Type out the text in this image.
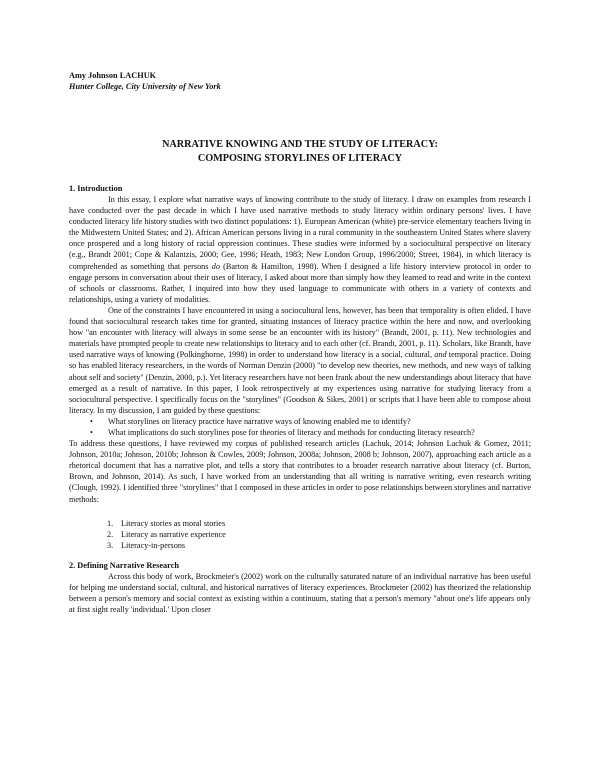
Amy Johnson LACHUK
Hunter College, City University of New York
NARRATIVE KNOWING AND THE STUDY OF LITERACY:
COMPOSING STORYLINES OF LITERACY
1. Introduction

In this essay, I explore what narrative ways of knowing contribute to the study of literacy. I draw on examples from research I have conducted over the past decade in which I have used narrative methods to study literacy within ordinary persons' lives. I have conducted literacy life history studies with two distinct populations: 1). European American (white) pre-service elementary teachers living in the Midwestern United States; and 2). African American persons living in a rural community in the southeastern United States where slavery once prospered and a long history of racial oppression continues. These studies were informed by a sociocultural perspective on literacy (e.g., Brandt 2001; Cope & Kalantzis, 2000; Gee, 1996; Heath, 1983; New London Group, 1996/2000; Street, 1984), in which literacy is comprehended as something that persons do (Barton & Hamilton, 1998). When I designed a life history interview protocol in order to engage persons in conversation about their uses of literacy, I asked about more than simply how they learned to read and write in the context of schools or classrooms. Rather, I inquired into how they used language to communicate with others in a variety of contexts and relationships, using a variety of modalities.

One of the constraints I have encountered in using a sociocultural lens, however, has been that temporality is often elided. I have found that sociocultural research takes time for granted, situating instances of literacy practice within the here and now, and overlooking how "an encounter with literacy will always in some sense be an encounter with its history" (Brandt, 2001, p. 11). New technologies and materials have prompted people to create new relationships to literacy and to each other (cf. Brandt, 2001, p. 11). Scholars, like Brandt, have used narrative ways of knowing (Polkinghorne, 1998) in order to understand how literacy is a social, cultural, and temporal practice. Doing so has enabled literacy researchers, in the words of Norman Denzin (2000) "to develop new theories, new methods, and new ways of talking about self and society" (Denzin, 2000, p.). Yet literacy researchers have not been frank about the new understandings about literacy that have emerged as a result of narrative. In this paper, I look retrospectively at my experiences using narrative for studying literacy from a sociocultural perspective. I specifically focus on the "storylines" (Goodson & Sikes, 2001) or scripts that I have been able to compose about literacy. In my discussion, I am guided by these questions:

• What storylines on literacy practice have narrative ways of knowing enabled me to identify?
• What implications do such storylines pose for theories of literacy and methods for conducting literacy research?

To address these questions, I have reviewed my corpus of published research articles (Lachuk, 2014; Johnson Lachuk & Gomez, 2011; Johnson, 2010a; Johnson, 2010b; Johnson & Cowles, 2009; Johnson, 2008a; Johnson, 2008 b; Johnson, 2007), approaching each article as a rhetorical document that has a narrative plot, and tells a story that contributes to a broader research narrative about literacy (cf. Burton, Brown, and Johnson, 2014). As such, I have worked from an understanding that all writing is narrative writing, even research writing (Clough, 1992). I identified three "storylines" that I composed in these articles in order to pose relationships between storylines and narrative methods:

1. Literacy stories as moral stories
2. Literacy as narrative experience
3. Literacy-in-persons
2. Defining Narrative Research

Across this body of work, Brockmeier's (2002) work on the culturally saturated nature of an individual narrative has been useful for helping me understand social, cultural, and historical narratives of literacy experiences. Brockmeier (2002) has theorized the relationship between a person's memory and social context as existing within a continuum, stating that a person's memory "about one's life appears only at first sight really 'individual.' Upon closer
